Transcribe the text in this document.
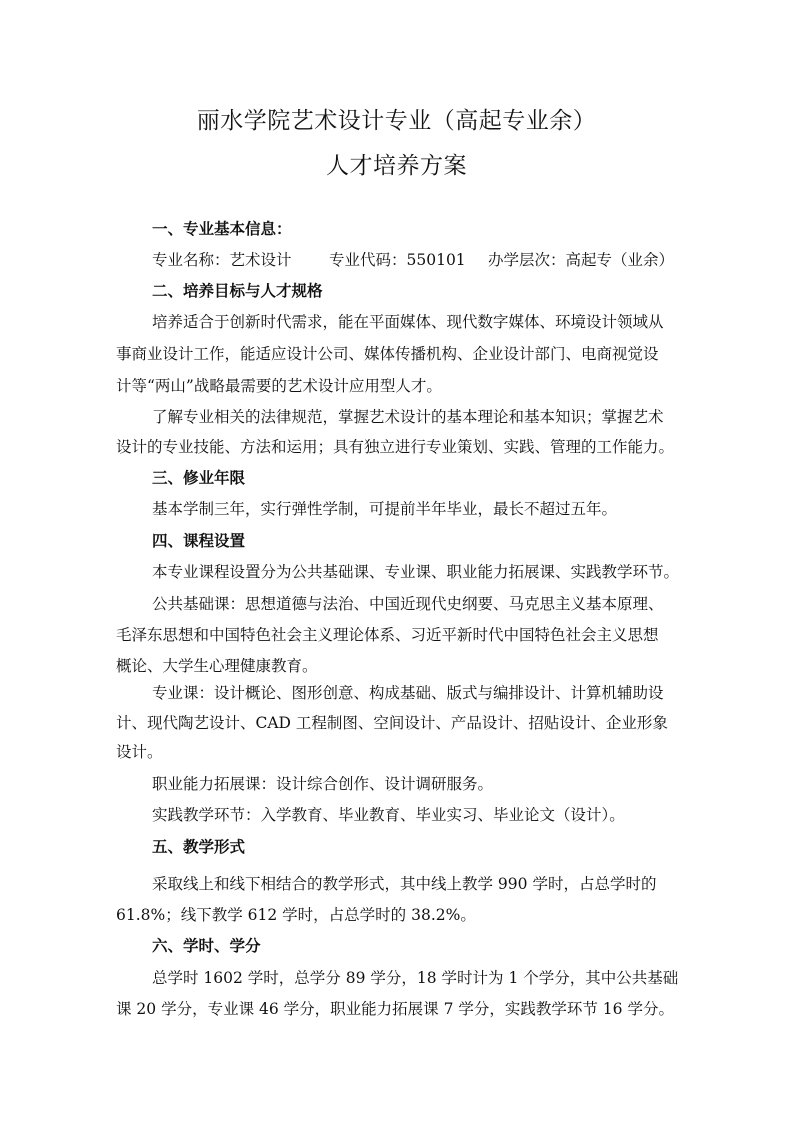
丽水学院艺术设计专业（高起专业余）
人才培养方案
一、专业基本信息：
专业名称：艺术设计 专业代码：550101 办学层次：高起专（业余）
二、培养目标与人才规格
培养适合于创新时代需求，能在平面媒体、现代数字媒体、环境设计领域从
事商业设计工作，能适应设计公司、媒体传播机构、企业设计部门、电商视觉设
计等“两山”战略最需要的艺术设计应用型人才。
了解专业相关的法律规范，掌握艺术设计的基本理论和基本知识；掌握艺术
设计的专业技能、方法和运用；具有独立进行专业策划、实践、管理的工作能力。
三、修业年限
基本学制三年，实行弹性学制，可提前半年毕业，最长不超过五年。
四、课程设置
本专业课程设置分为公共基础课、专业课、职业能力拓展课、实践教学环节。
公共基础课：思想道德与法治、中国近现代史纲要、马克思主义基本原理、
毛泽东思想和中国特色社会主义理论体系、习近平新时代中国特色社会主义思想
概论、大学生心理健康教育。
专业课：设计概论、图形创意、构成基础、版式与编排设计、计算机辅助设
计、现代陶艺设计、CAD 工程制图、空间设计、产品设计、招贴设计、企业形象
设计。
职业能力拓展课：设计综合创作、设计调研服务。
实践教学环节：入学教育、毕业教育、毕业实习、毕业论文（设计）。
五、教学形式
采取线上和线下相结合的教学形式，其中线上教学 990 学时，占总学时的
61.8%；线下教学 612 学时，占总学时的 38.2%。
六、学时、学分
总学时 1602 学时，总学分 89 学分，18 学时计为 1 个学分，其中公共基础
课 20 学分，专业课 46 学分，职业能力拓展课 7 学分，实践教学环节 16 学分。
